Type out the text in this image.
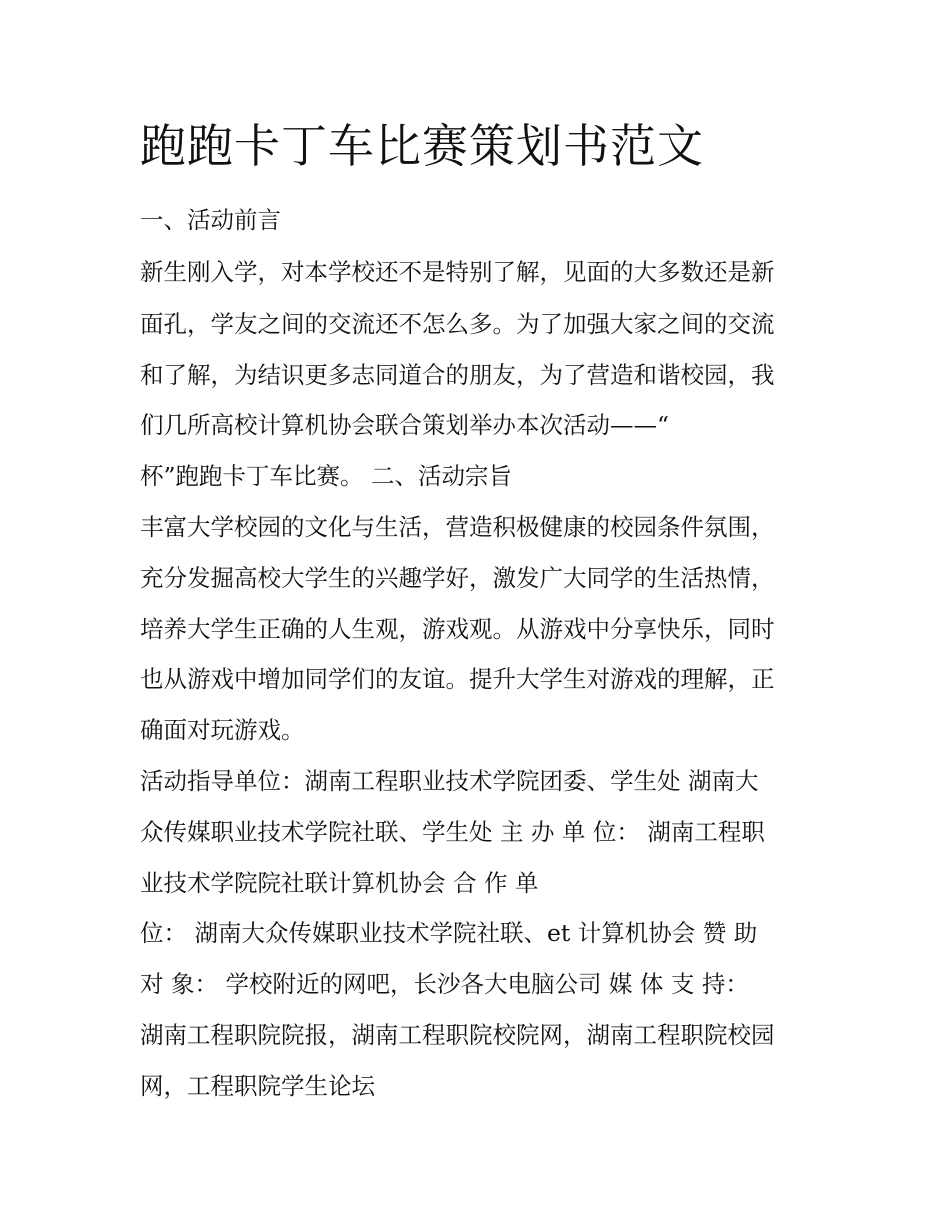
跑跑卡丁车比赛策划书范文

一、活动前言

新生刚入学，对本学校还不是特别了解，见面的大多数还是新

面孔，学友之间的交流还不怎么多。为了加强大家之间的交流

和了解，为结识更多志同道合的朋友，为了营造和谐校园，我

们几所高校计算机协会联合策划举办本次活动——“

杯”跑跑卡丁车比赛。 二、活动宗旨

丰富大学校园的文化与生活，营造积极健康的校园条件氛围，

充分发掘高校大学生的兴趣学好，激发广大同学的生活热情，

培养大学生正确的人生观，游戏观。从游戏中分享快乐，同时

也从游戏中增加同学们的友谊。提升大学生对游戏的理解，正

确面对玩游戏。

活动指导单位：湖南工程职业技术学院团委、学生处 湖南大

众传媒职业技术学院社联、学生处 主 办 单 位： 湖南工程职

业技术学院院社联计算机协会 合 作 单

位： 湖南大众传媒职业技术学院社联、et 计算机协会 赞 助

对 象： 学校附近的网吧，长沙各大电脑公司 媒 体 支 持：

湖南工程职院院报，湖南工程职院校院网，湖南工程职院校园

网，工程职院学生论坛
